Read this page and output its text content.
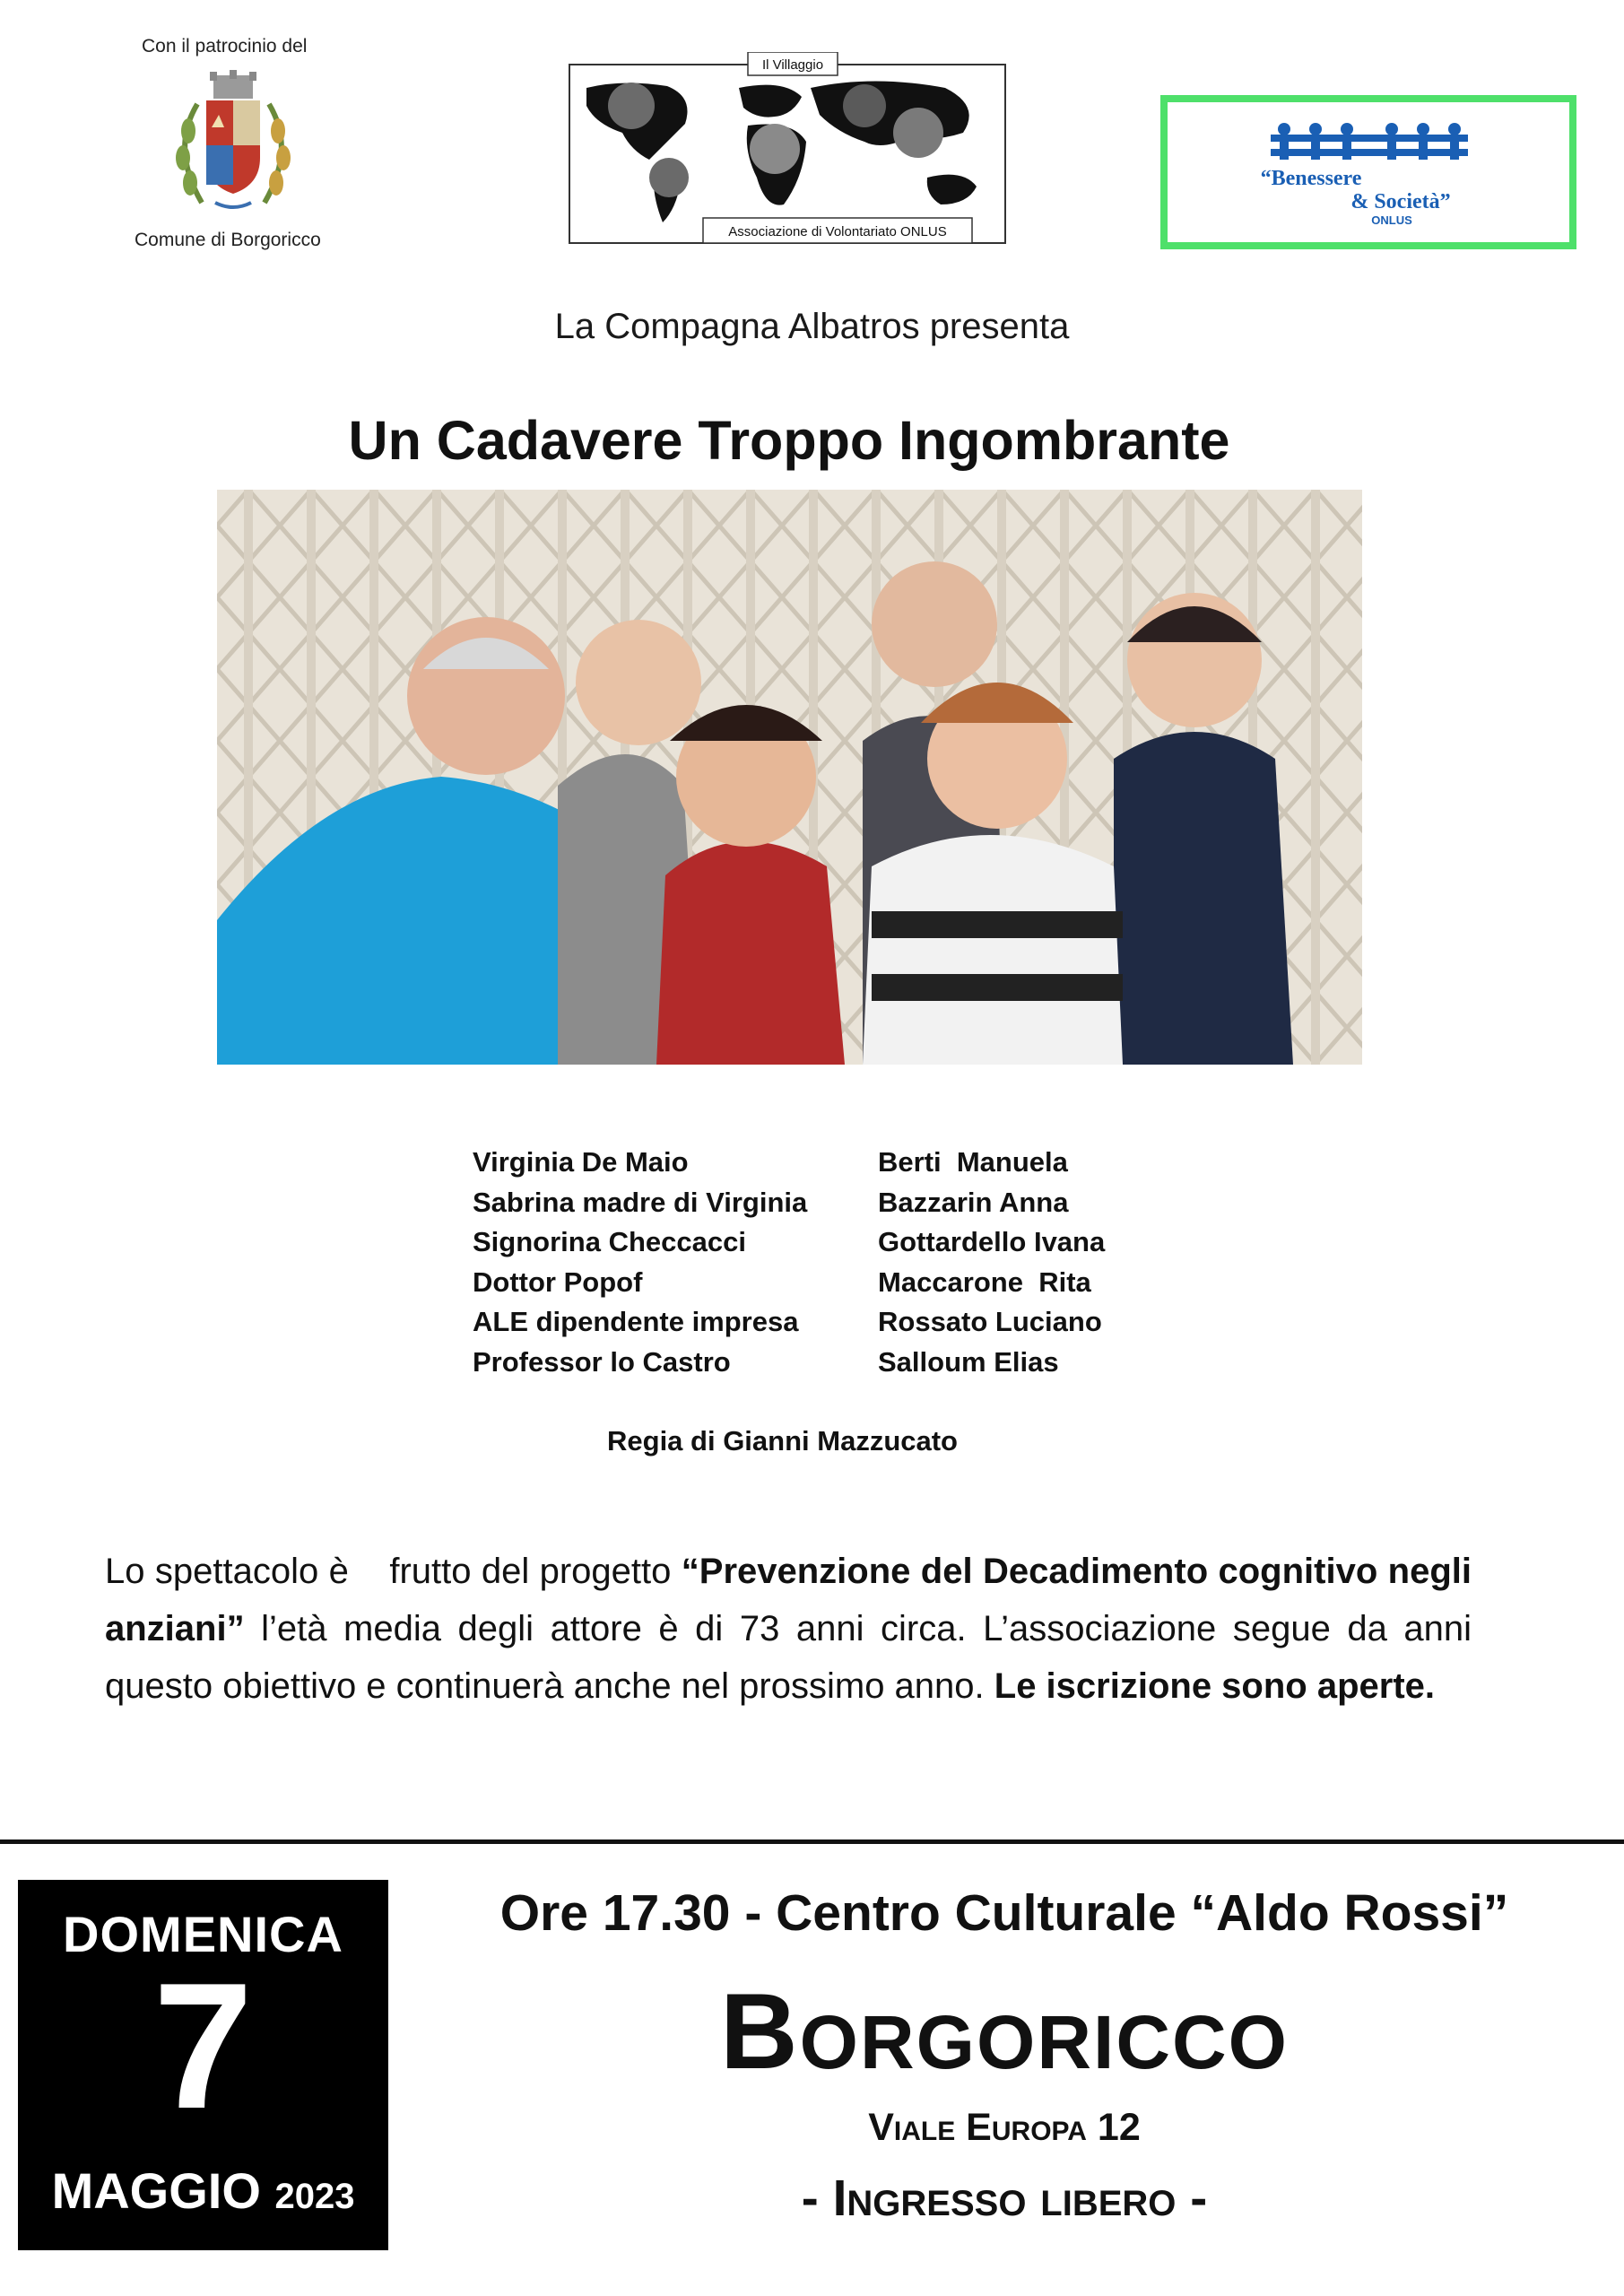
Con il patrocinio del
Comune di Borgoricco
Il Villaggio
Associazione di Volontariato ONLUS
ONLUS
“Benessere
& Società”
ONLUS
La Compagna Albatros presenta
Un Cadavere Troppo Ingombrante
Virginia De Maio
Sabrina madre di Virginia
Signorina Checcacci
Dottor Popof
ALE dipendente impresa
Professor lo Castro
Berti  Manuela
Bazzarin Anna
Gottardello Ivana
Maccarone  Rita
Rossato Luciano
Salloum Elias
Regia di Gianni Mazzucato
Lo spettacolo è    frutto del progetto “Prevenzione del Decadimento cognitivo negli anziani” l’età media degli attore è di 73 anni circa. L’associazione segue da anni questo obiettivo e continuerà anche nel prossimo anno. Le iscrizione sono aperte.
DOMENICA
7
MAGGIO 2023
Ore 17.30 - Centro Culturale “Aldo Rossi”
Borgoricco
Viale Europa 12
- Ingresso libero -
